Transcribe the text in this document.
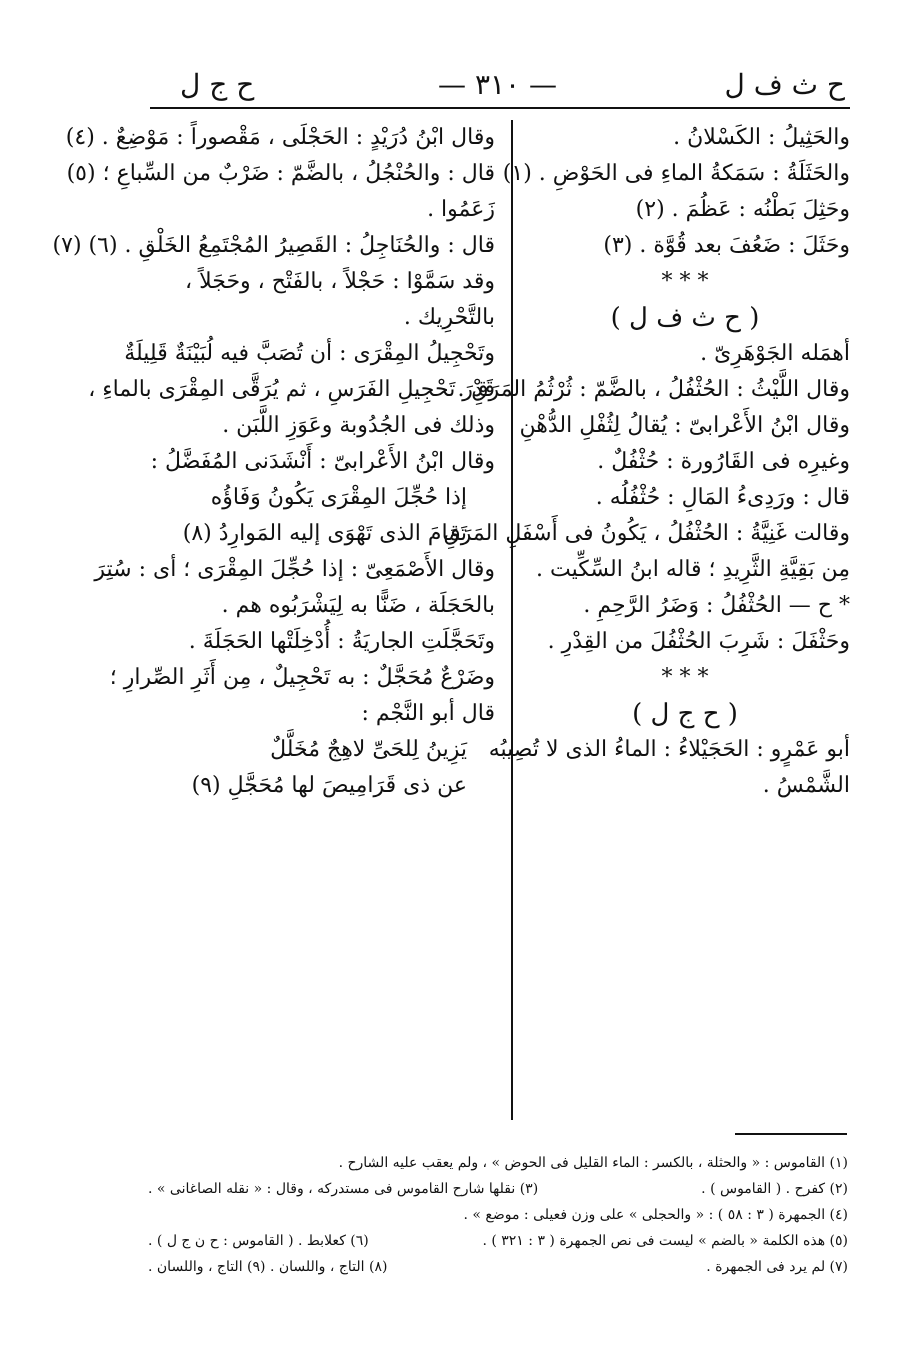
ح ث ف ل
— ٣١٠ —
ح ج ل
والحَثِيلُ : الكَسْلانُ .
والحَثَلَةُ : سَمَكةُ الماءِ فى الحَوْضِ . (١)
وحَثِلَ بَطْنُه : عَظُمَ . (٢)
وحَثَلَ : ضَعُفَ بعد قُوَّة . (٣)
* * *
( ح ث ف ل )
أهمَله الجَوْهَرِىّ .
وقال اللَّيْثُ : الحُثْفُلُ ، بالضَّمّ : ثُرْثُمُ المَرَقِ .
وقال ابْنُ الأَعْرابىّ : يُقالُ لِثُفْلِ الدُّهْنِ
وغيرِه فى القَارُورة : حُثْفُلٌ .
قال : ورَدِىءُ المَالِ : حُثْفُلُه .
وقالت غَنِيَّةُ : الحُثْفُلُ ، يَكُونُ فى أَسْفَلِ المَرَقِ
مِن بَقِيَّةِ الثَّرِيدِ ؛ قاله ابنُ السِّكِّيت .
* ح — الحُثْفُلُ : وَضَرُ الرَّحِمِ .
وحَثْفَلَ : شَرِبَ الحُثْفُلَ من القِدْرِ .
* * *
( ح ج ل )
أبو عَمْرٍو : الحَجَيْلاءُ : الماءُ الذى لا تُصِيبُه
الشَّمْسُ .
وقال ابْنُ دُرَيْدٍ : الحَجْلَى ، مَقْصوراً : مَوْضِعٌ . (٤)
قال : والحُنْجُلُ ، بالضَّمّ : ضَرْبٌ من السِّباعِ ؛ (٥)
زَعَمُوا .
قال : والحُنَاجِلُ : القَصِيرُ المُجْتَمِعُ الخَلْقِ . (٦) (٧)
وقد سَمَّوْا : حَجْلاً ، بالفَتْح ، وحَجَلاً ،
بالتَّحْرِيك .
وتَحْجِيلُ المِقْرَى : أن تُصَبَّ فيه لُبَيْنَةٌ قَلِيلَةٌ
قَدْرَ تَحْجِيلِ الفَرَسِ ، ثم يُرَقَّى المِقْرَى بالماءِ ،
وذلك فى الجُدُوبة وعَوَزِ اللَّبَن .
وقال ابْنُ الأَعْرابىّ : أَنْشَدَنى المُفَضَّلُ :
إذا حُجِّلَ المِقْرَى يَكُونُ وَفَاؤُه
تَمَامَ الذى تَهْوَى إليه المَوارِدُ (٨)
وقال الأَصْمَعِىّ : إذا حُجِّلَ المِقْرَى ؛ أى : سُتِرَ
بالحَجَلَة ، ضَنًّا به لِيَشْرَبُوه هم .
وتَحَجَّلَتِ الجاريَةُ : أُدْخِلَتْها الحَجَلَةَ .
وضَرْعٌ مُحَجَّلٌ : به تَحْجِيلٌ ، مِن أَثَرِ الصِّرارِ ؛
قال أبو النَّجْم :
يَزِينُ لِلحَىِّ لاهِجٌ مُخَلَّلٌ
عن ذى قَرَامِيصَ لها مُحَجَّلِ (٩)
(١) القاموس : « والحثلة ، بالكسر : الماء القليل فى الحوض » ، ولم يعقب عليه الشارح .
(٢) كفرح . ( القاموس ) .
(٣) نقلها شارح القاموس فى مستدركه ، وقال : « نقله الصاغانى » .
(٤) الجمهرة ( ٣ : ٥٨ ) : « والحجلى » على وزن فعيلى : موضع » .
(٥) هذه الكلمة « بالضم » ليست فى نص الجمهرة ( ٣ : ٣٢١ ) .
(٦) كعلابط . ( القاموس : ح ن ج ل ) .
(٧) لم يرد فى الجمهرة .
(٨) التاج ، واللسان . (٩) التاج ، واللسان .
